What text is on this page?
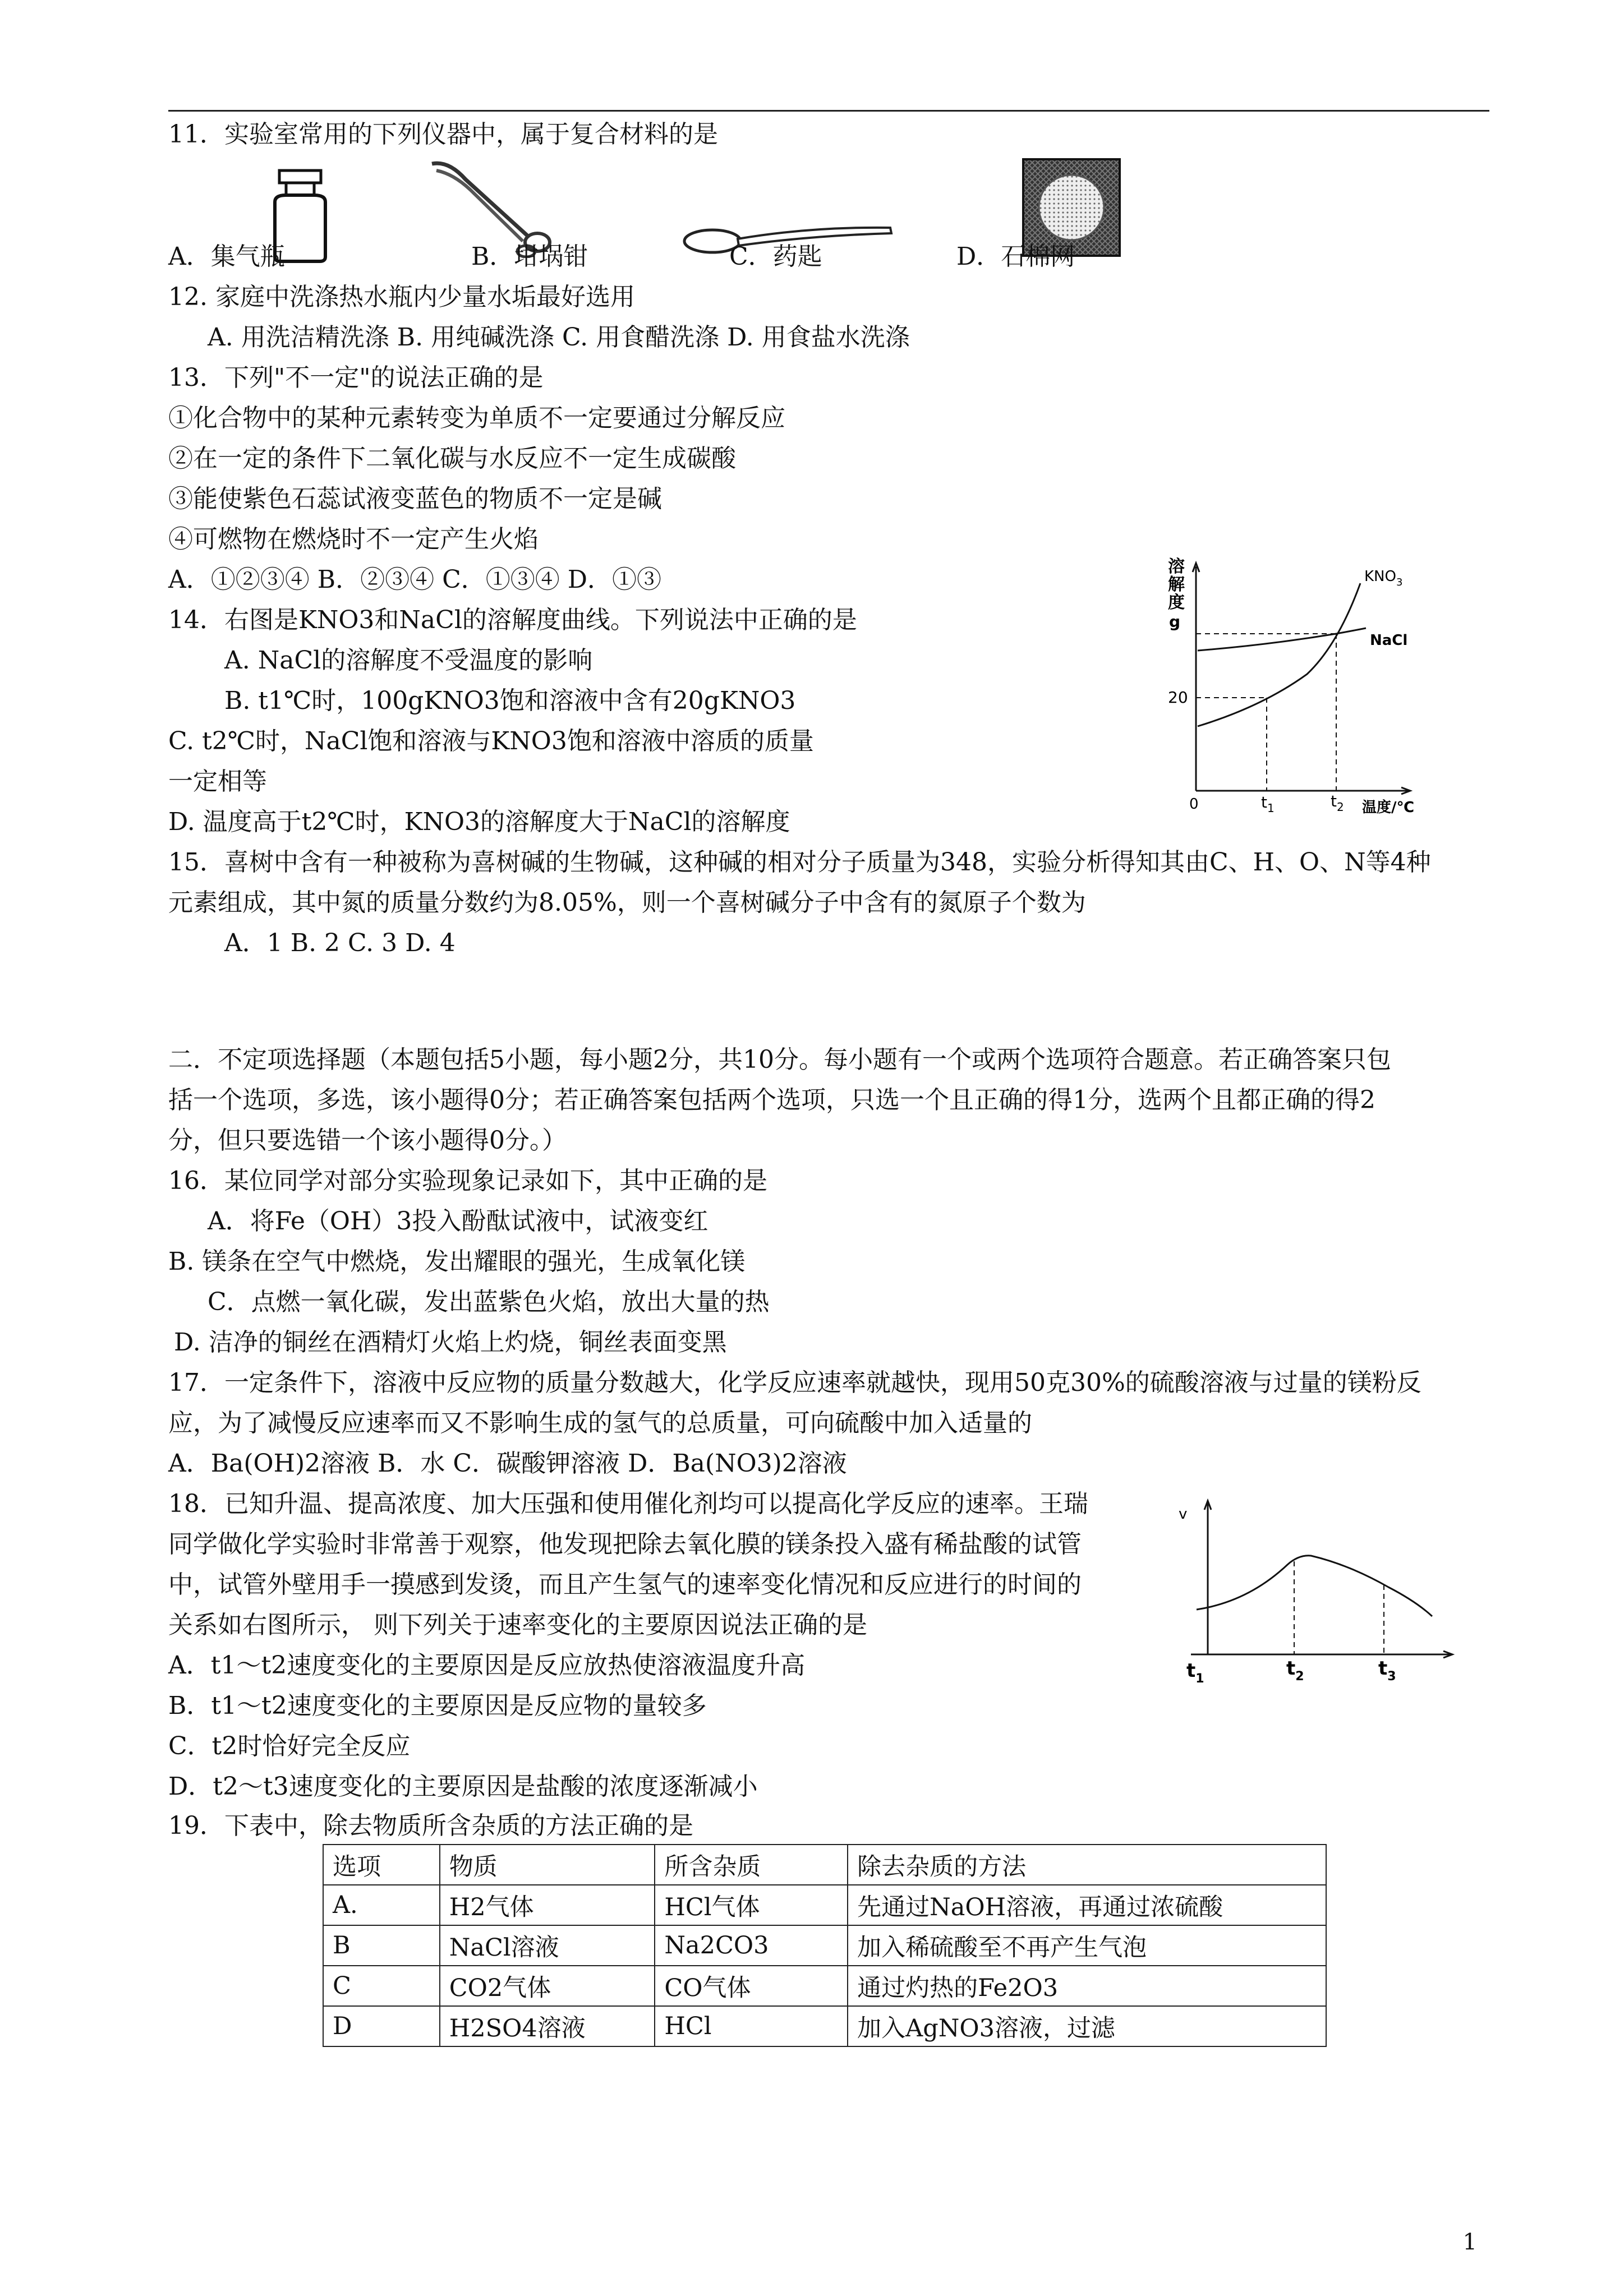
11．实验室常用的下列仪器中，属于复合材料的是
A．集气瓶	B．坩埚钳	C．药匙	D．石棉网
12. 家庭中洗涤热水瓶内少量水垢最好选用
A. 用洗洁精洗涤 B. 用纯碱洗涤 C. 用食醋洗涤 D. 用食盐水洗涤
13．下列"不一定"的说法正确的是
①化合物中的某种元素转变为单质不一定要通过分解反应
②在一定的条件下二氧化碳与水反应不一定生成碳酸
③能使紫色石蕊试液变蓝色的物质不一定是碱
④可燃物在燃烧时不一定产生火焰
A．①②③④ B．②③④ C．①③④ D．①③
14．右图是KNO3和NaCl的溶解度曲线。下列说法中正确的是
A. NaCl的溶解度不受温度的影响
B. t1℃时，100gKNO3饱和溶液中含有20gKNO3
C. t2℃时，NaCl饱和溶液与KNO3饱和溶液中溶质的质量
一定相等
D. 温度高于t2℃时，KNO3的溶解度大于NaCl的溶解度
溶
解
度
g
20
$KNO_3$
NaCl
0	$t_1$	$t_2$ 温度/℃
15．喜树中含有一种被称为喜树碱的生物碱，这种碱的相对分子质量为348，实验分析得知其由C、H、O、N等4种
元素组成，其中氮的质量分数约为8.05%，则一个喜树碱分子中含有的氮原子个数为
A．1 B. 2 C. 3 D. 4
二．不定项选择题（本题包括5小题，每小题2分，共10分。每小题有一个或两个选项符合题意。若正确答案只包
括一个选项，多选，该小题得0分；若正确答案包括两个选项，只选一个且正确的得1分，选两个且都正确的得2
分，但只要选错一个该小题得0分。）
16．某位同学对部分实验现象记录如下，其中正确的是
A．将Fe（OH）3投入酚酞试液中，试液变红
B. 镁条在空气中燃烧，发出耀眼的强光，生成氧化镁
C．点燃一氧化碳，发出蓝紫色火焰，放出大量的热
D. 洁净的铜丝在酒精灯火焰上灼烧，铜丝表面变黑
17．一定条件下，溶液中反应物的质量分数越大，化学反应速率就越快，现用50克30%的硫酸溶液与过量的镁粉反
应，为了减慢反应速率而又不影响生成的氢气的总质量，可向硫酸中加入适量的
A．Ba(OH)2溶液 B．水 C．碳酸钾溶液 D．Ba(NO3)2溶液
18．已知升温、提高浓度、加大压强和使用催化剂均可以提高化学反应的速率。王瑞
同学做化学实验时非常善于观察，他发现把除去氧化膜的镁条投入盛有稀盐酸的试管
中，试管外壁用手一摸感到发烫，而且产生氢气的速率变化情况和反应进行的时间的
关系如右图所示， 则下列关于速率变化的主要原因说法正确的是
A．t1～t2速度变化的主要原因是反应放热使溶液温度升高
B．t1～t2速度变化的主要原因是反应物的量较多
C．t2时恰好完全反应
D．t2～t3速度变化的主要原因是盐酸的浓度逐渐减小
v
$t_1$	$t_2$	$t_3$
19．下表中，除去物质所含杂质的方法正确的是
选项	物质	所含杂质	除去杂质的方法
A.	H2气体	HCl气体	先通过NaOH溶液，再通过浓硫酸
B	NaCl溶液	Na2CO3	加入稀硫酸至不再产生气泡
C	CO2气体	CO气体	通过灼热的Fe2O3
D	H2SO4溶液	HCl	加入AgNO3溶液，过滤
1
